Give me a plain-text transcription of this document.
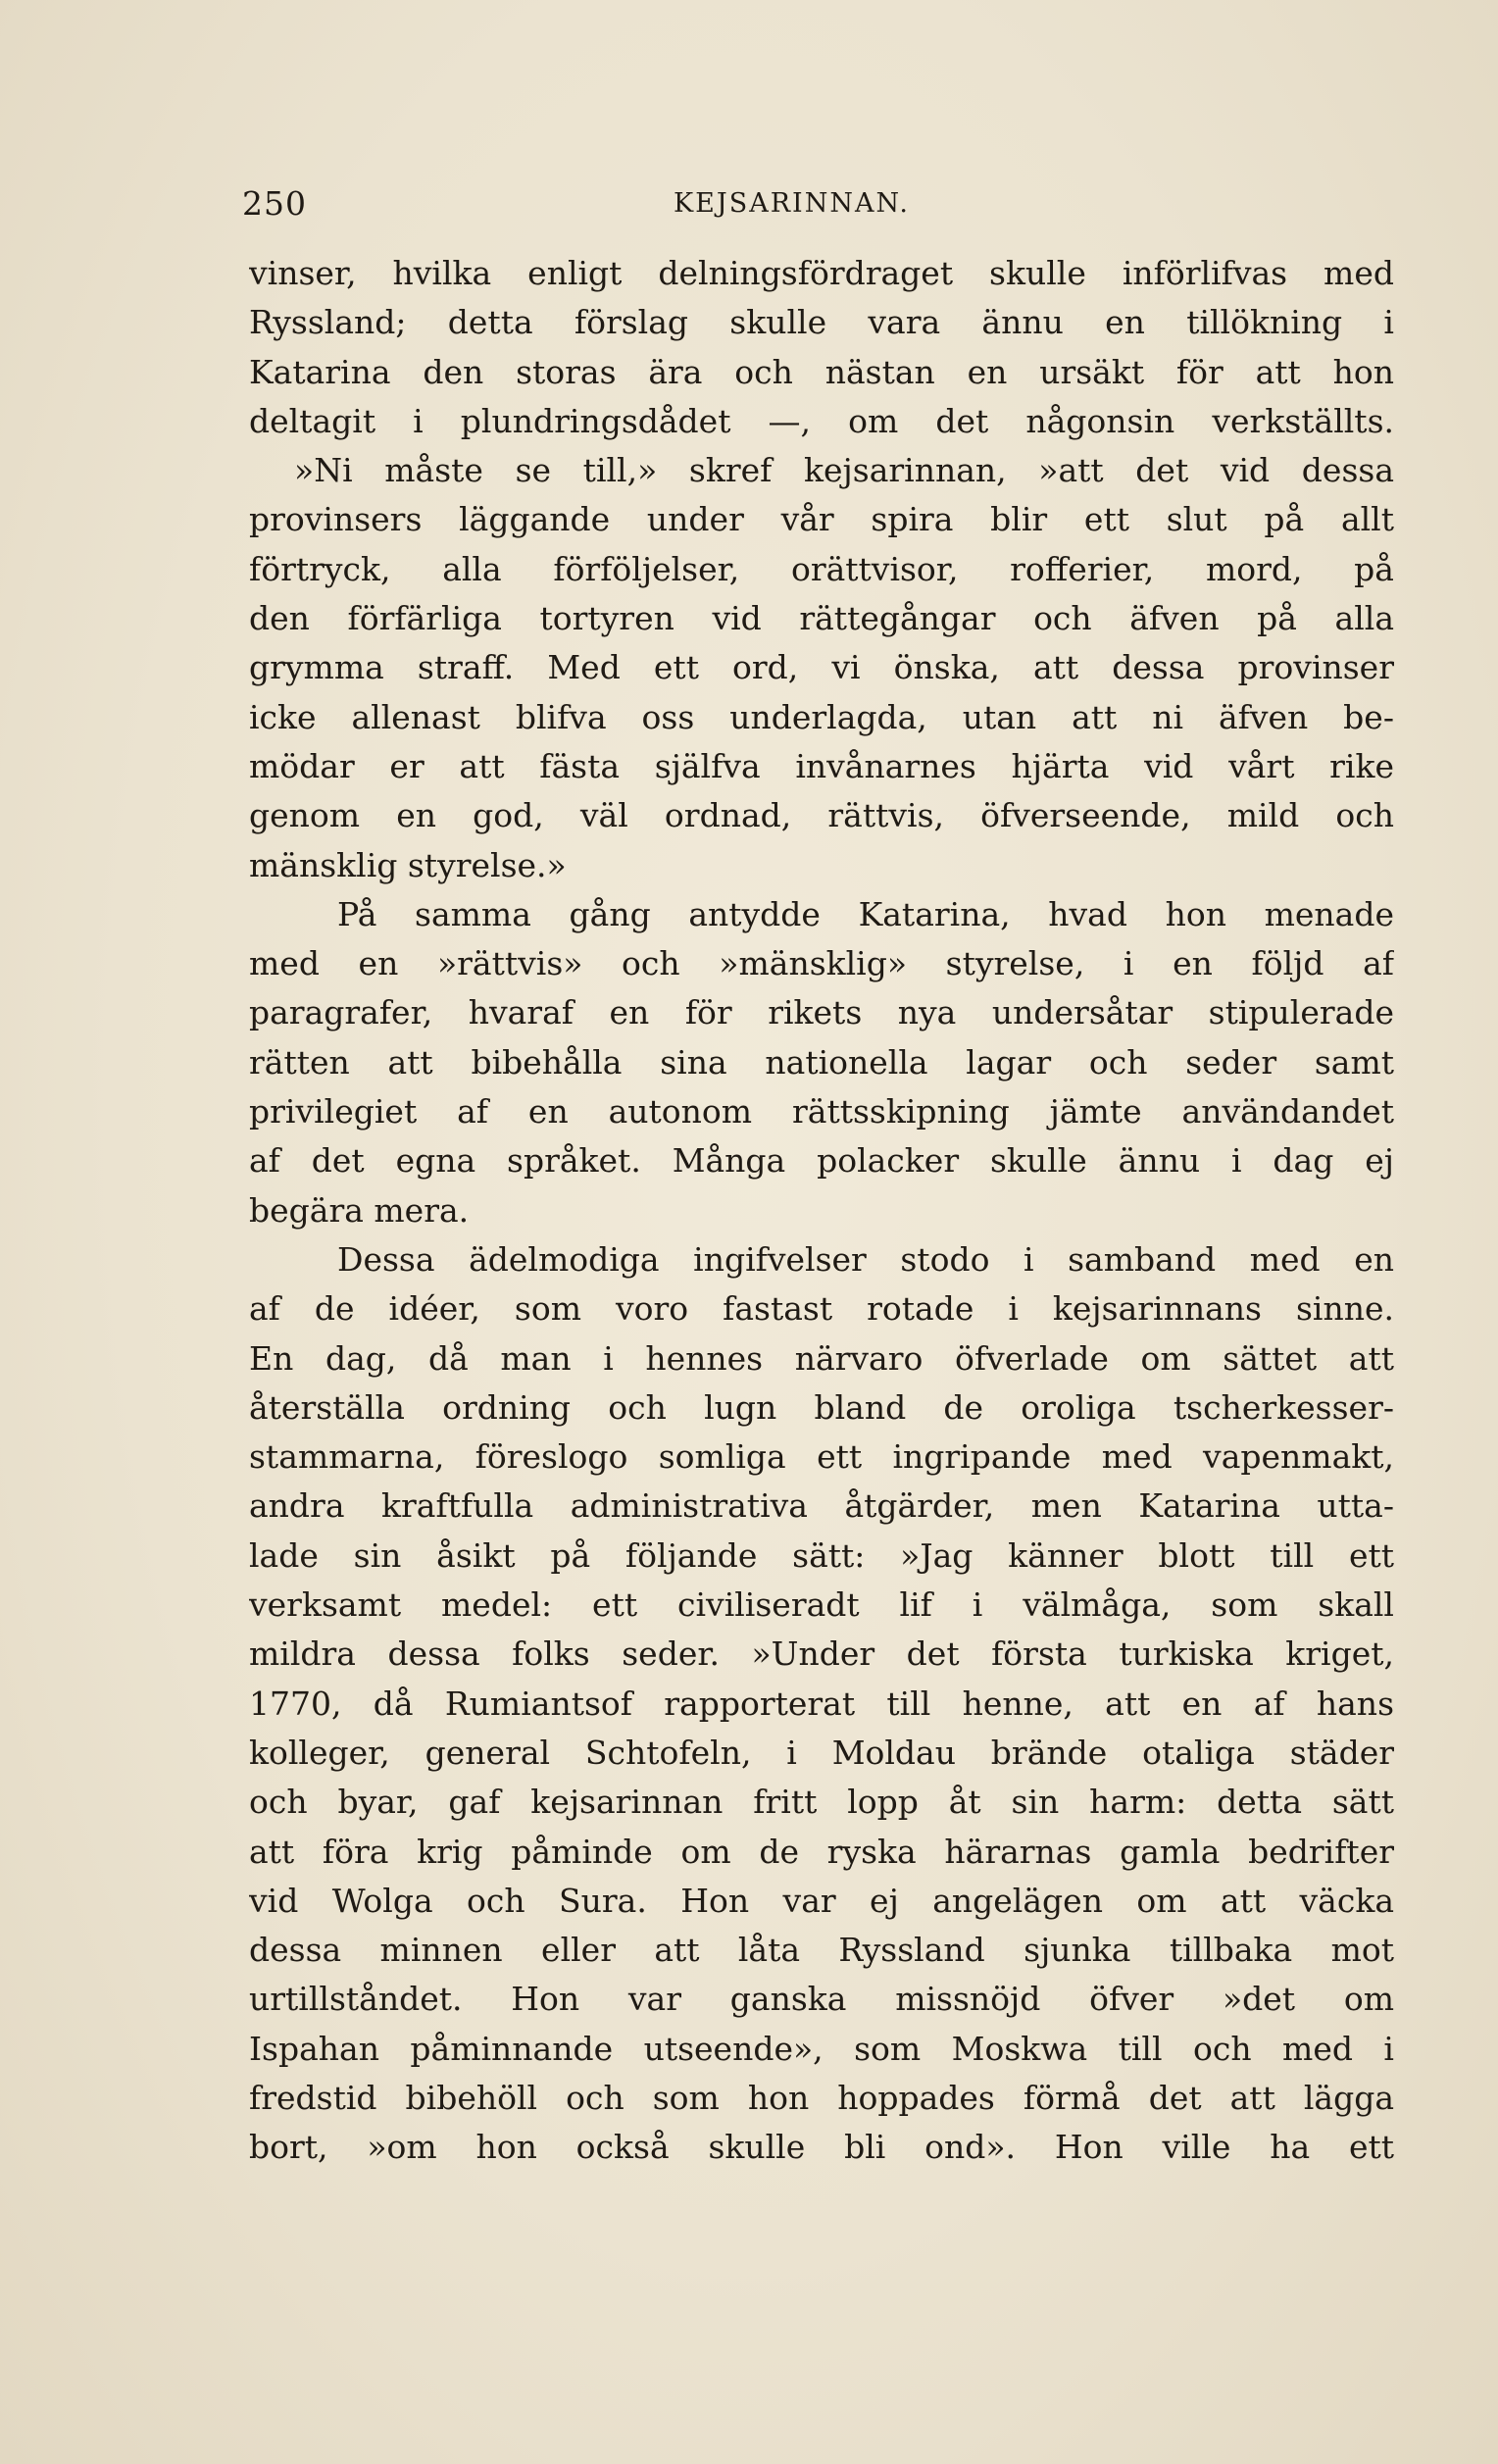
250	KEJSARINNAN.
vinser, hvilka enligt delningsfördraget skulle införlifvas med
Ryssland; detta förslag skulle vara ännu en tillökning i
Katarina den storas ära och nästan en ursäkt för att hon
deltagit i plundringsdådet —, om det någonsin verkställts.
»Ni måste se till,» skref kejsarinnan, »att det vid dessa
provinsers läggande under vår spira blir ett slut på allt
förtryck, alla förföljelser, orättvisor, rofferier, mord, på
den förfärliga tortyren vid rättegångar och äfven på alla
grymma straff. Med ett ord, vi önska, att dessa provinser
icke allenast blifva oss underlagda, utan att ni äfven be-
mödar er att fästa själfva invånarnes hjärta vid vårt rike
genom en god, väl ordnad, rättvis, öfverseende, mild och
mänsklig styrelse.»
På samma gång antydde Katarina, hvad hon menade
med en »rättvis» och »mänsklig» styrelse, i en följd af
paragrafer, hvaraf en för rikets nya undersåtar stipulerade
rätten att bibehålla sina nationella lagar och seder samt
privilegiet af en autonom rättsskipning jämte användandet
af det egna språket. Många polacker skulle ännu i dag ej
begära mera.
Dessa ädelmodiga ingifvelser stodo i samband med en
af de idéer, som voro fastast rotade i kejsarinnans sinne.
En dag, då man i hennes närvaro öfverlade om sättet att
återställa ordning och lugn bland de oroliga tscherkesser-
stammarna, föreslogo somliga ett ingripande med vapenmakt,
andra kraftfulla administrativa åtgärder, men Katarina utta-
lade sin åsikt på följande sätt: »Jag känner blott till ett
verksamt medel: ett civiliseradt lif i välmåga, som skall
mildra dessa folks seder. »Under det första turkiska kriget,
1770, då Rumiantsof rapporterat till henne, att en af hans
kolleger, general Schtofeln, i Moldau brände otaliga städer
och byar, gaf kejsarinnan fritt lopp åt sin harm: detta sätt
att föra krig påminde om de ryska härarnas gamla bedrifter
vid Wolga och Sura. Hon var ej angelägen om att väcka
dessa minnen eller att låta Ryssland sjunka tillbaka mot
urtillståndet. Hon var ganska missnöjd öfver »det om
Ispahan påminnande utseende», som Moskwa till och med i
fredstid bibehöll och som hon hoppades förmå det att lägga
bort, »om hon också skulle bli ond». Hon ville ha ett
